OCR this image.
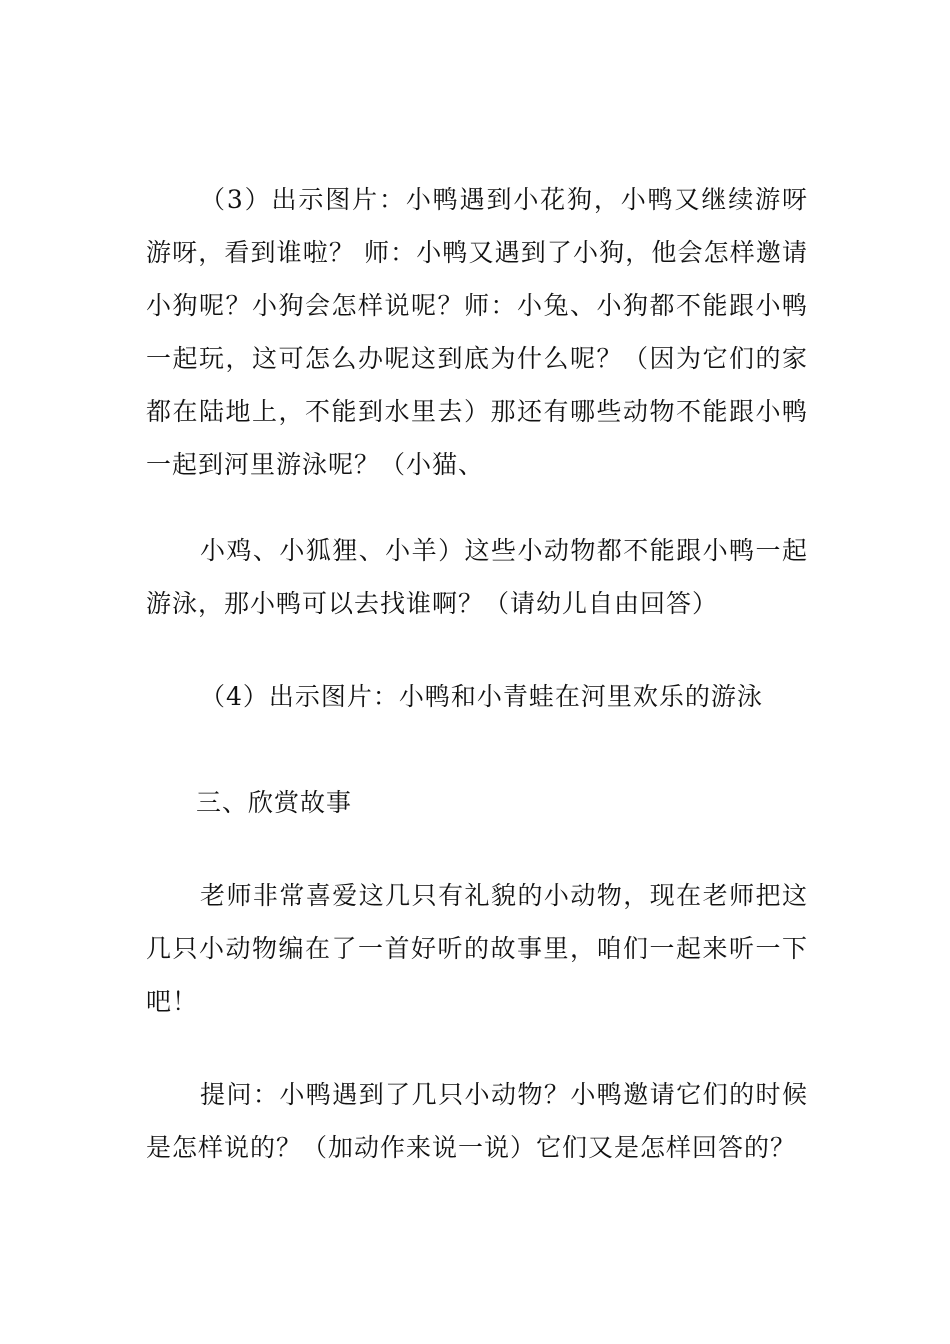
（3）出示图片：小鸭遇到小花狗，小鸭又继续游呀游呀，看到谁啦？ 师：小鸭又遇到了小狗，他会怎样邀请小狗呢？小狗会怎样说呢？师：小兔、小狗都不能跟小鸭一起玩，这可怎么办呢这到底为什么呢？（因为它们的家都在陆地上，不能到水里去）那还有哪些动物不能跟小鸭一起到河里游泳呢？（小猫、

小鸡、小狐狸、小羊）这些小动物都不能跟小鸭一起游泳，那小鸭可以去找谁啊？（请幼儿自由回答）

（4）出示图片：小鸭和小青蛙在河里欢乐的游泳

三、欣赏故事

老师非常喜爱这几只有礼貌的小动物，现在老师把这几只小动物编在了一首好听的故事里，咱们一起来听一下吧！

提问：小鸭遇到了几只小动物？小鸭邀请它们的时候是怎样说的？（加动作来说一说）它们又是怎样回答的？
